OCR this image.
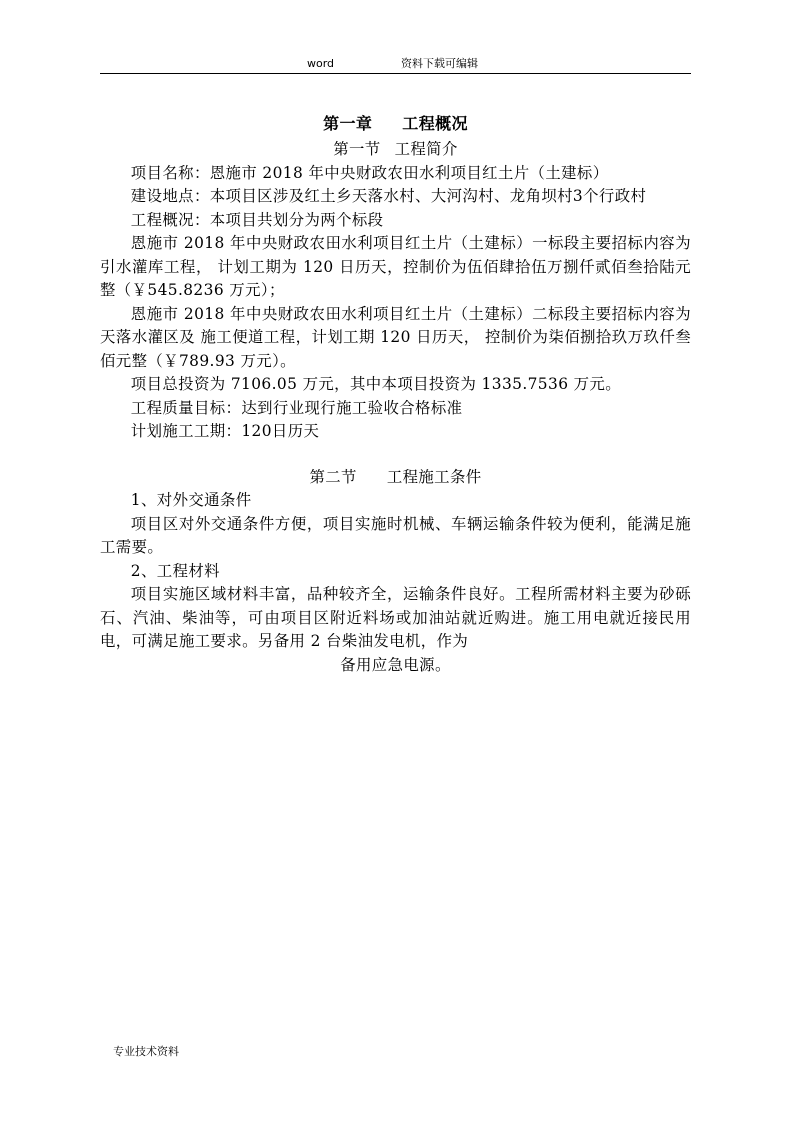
word	资料下载可编辑
第一章 工程概况
第一节 工程简介

项目名称：恩施市 2018 年中央财政农田水利项目红土片（土建标）

建设地点：本项目区涉及红土乡天落水村、大河沟村、龙角坝村3个行政村

工程概况：本项目共划分为两个标段

恩施市 2018 年中央财政农田水利项目红土片（土建标）一标段主要招标内容为引水灌库工程， 计划工期为 120 日历天，控制价为伍佰肆拾伍万捌仟贰佰叁拾陆元整（￥545.8236 万元）；

恩施市 2018 年中央财政农田水利项目红土片（土建标）二标段主要招标内容为天落水灌区及 施工便道工程，计划工期 120 日历天， 控制价为柒佰捌拾玖万玖仟叁佰元整（￥789.93 万元）。

项目总投资为 7106.05 万元，其中本项目投资为 1335.7536 万元。

工程质量目标：达到行业现行施工验收合格标准

计划施工工期：120日历天

第二节 工程施工条件

1、对外交通条件

项目区对外交通条件方便，项目实施时机械、车辆运输条件较为便利，能满足施工需要。

2、工程材料

项目实施区域材料丰富，品种较齐全，运输条件良好。工程所需材料主要为砂砾石、汽油、柴油等，可由项目区附近料场或加油站就近购进。施工用电就近接民用电，可满足施工要求。另备用 2 台柴油发电机，作为

备用应急电源。

专业技术资料
